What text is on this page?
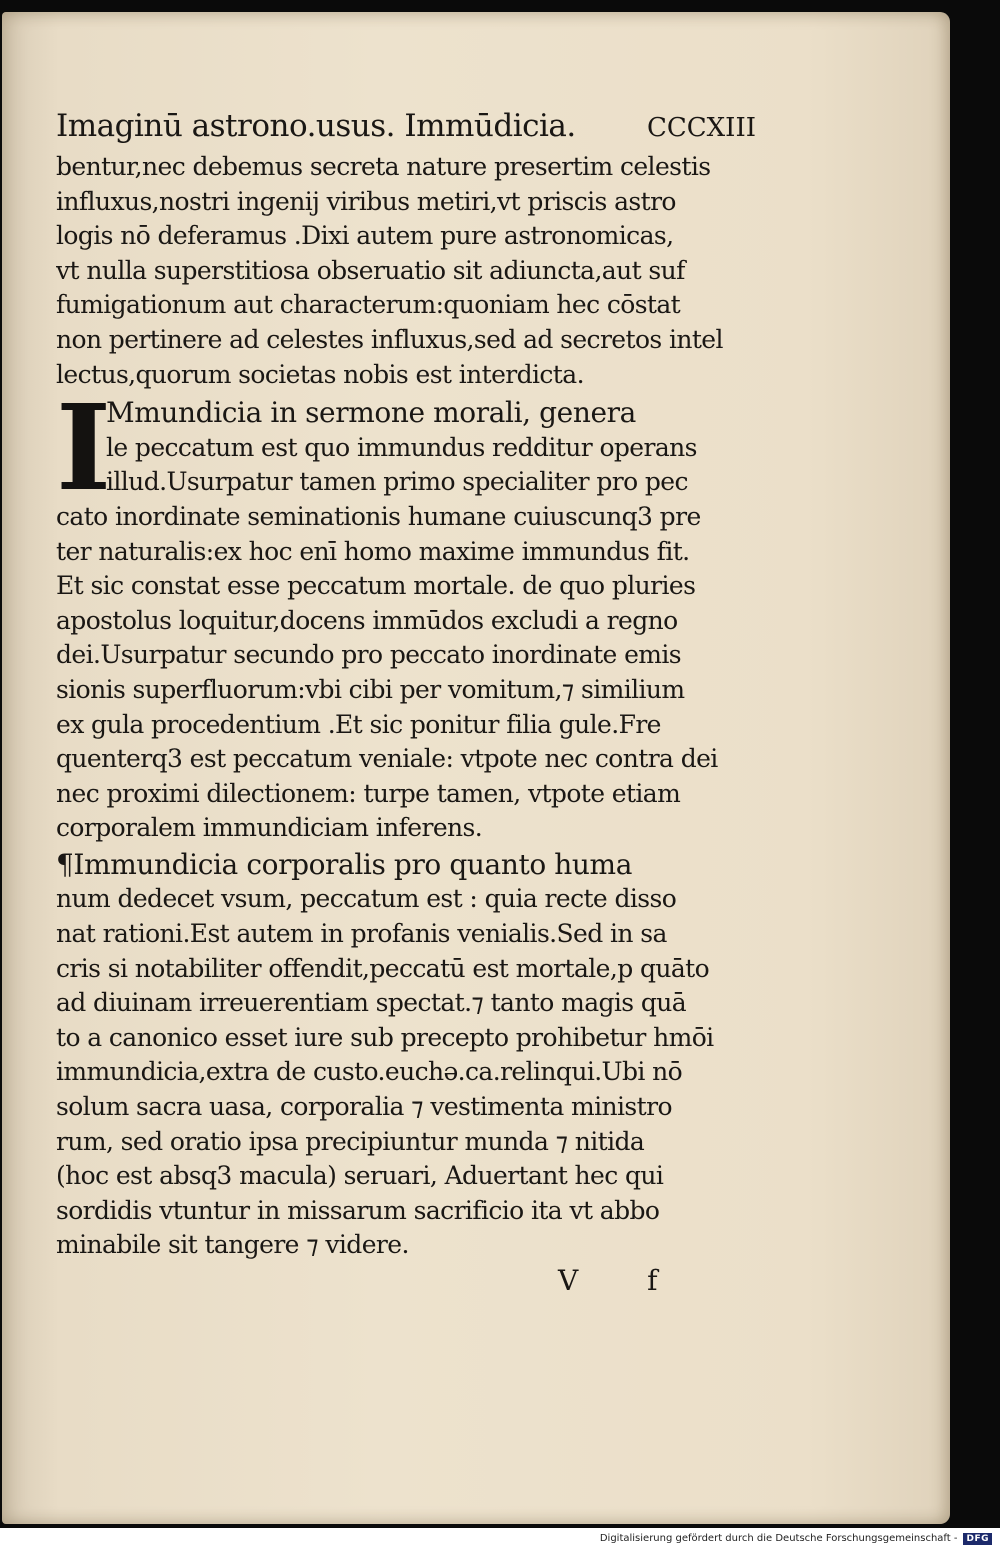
Imaginū astrono.usus. Immūdicia.	CCCXIII
bentur,nec debemus secreta nature presertim celestis
influxus,nostri ingenij viribus metiri,vt priscis astro
logis nō deferamus .Dixi autem pure astronomicas,
vt nulla superstitiosa obseruatio sit adiuncta,aut suf
fumigationum aut characterum:quoniam hec cōstat
non pertinere ad celestes influxus,sed ad secretos intel
lectus,quorum societas nobis est interdicta.
I
Mmundicia in sermone morali, genera
le peccatum est quo immundus redditur operans
illud.Usurpatur tamen primo specialiter pro pec
cato inordinate seminationis humane cuiuscunq3 pre
ter naturalis:ex hoc enī homo maxime immundus fit.
Et sic constat esse peccatum mortale. de quo pluries
apostolus loquitur,docens immūdos excludi a regno
dei.Usurpatur secundo pro peccato inordinate emis
sionis superfluorum:vbi cibi per vomitum,⁊ similium
ex gula procedentium .Et sic ponitur filia gule.Fre
quenterq3 est peccatum veniale: vtpote nec contra dei
nec proximi dilectionem: turpe tamen, vtpote etiam
corporalem immundiciam inferens.
¶Immundicia corporalis pro quanto huma
num dedecet vsum, peccatum est : quia recte disso
nat rationi.Est autem in profanis venialis.Sed in sa
cris si notabiliter offendit,peccatū est mortale,p quāto
ad diuinam irreuerentiam spectat.⁊ tanto magis quā
to a canonico esset iure sub precepto prohibetur hmōi
immundicia,extra de custo.euchə.ca.relinqui.Ubi nō
solum sacra uasa, corporalia ⁊ vestimenta ministro
rum, sed oratio ipsa precipiuntur munda ⁊ nitida
(hoc est absq3 macula) seruari, Aduertant hec qui
sordidis vtuntur in missarum sacrificio ita vt abbo
minabile sit tangere ⁊ videre.
V f
Digitalisierung gefördert durch die Deutsche Forschungsgemeinschaft -	DFG
